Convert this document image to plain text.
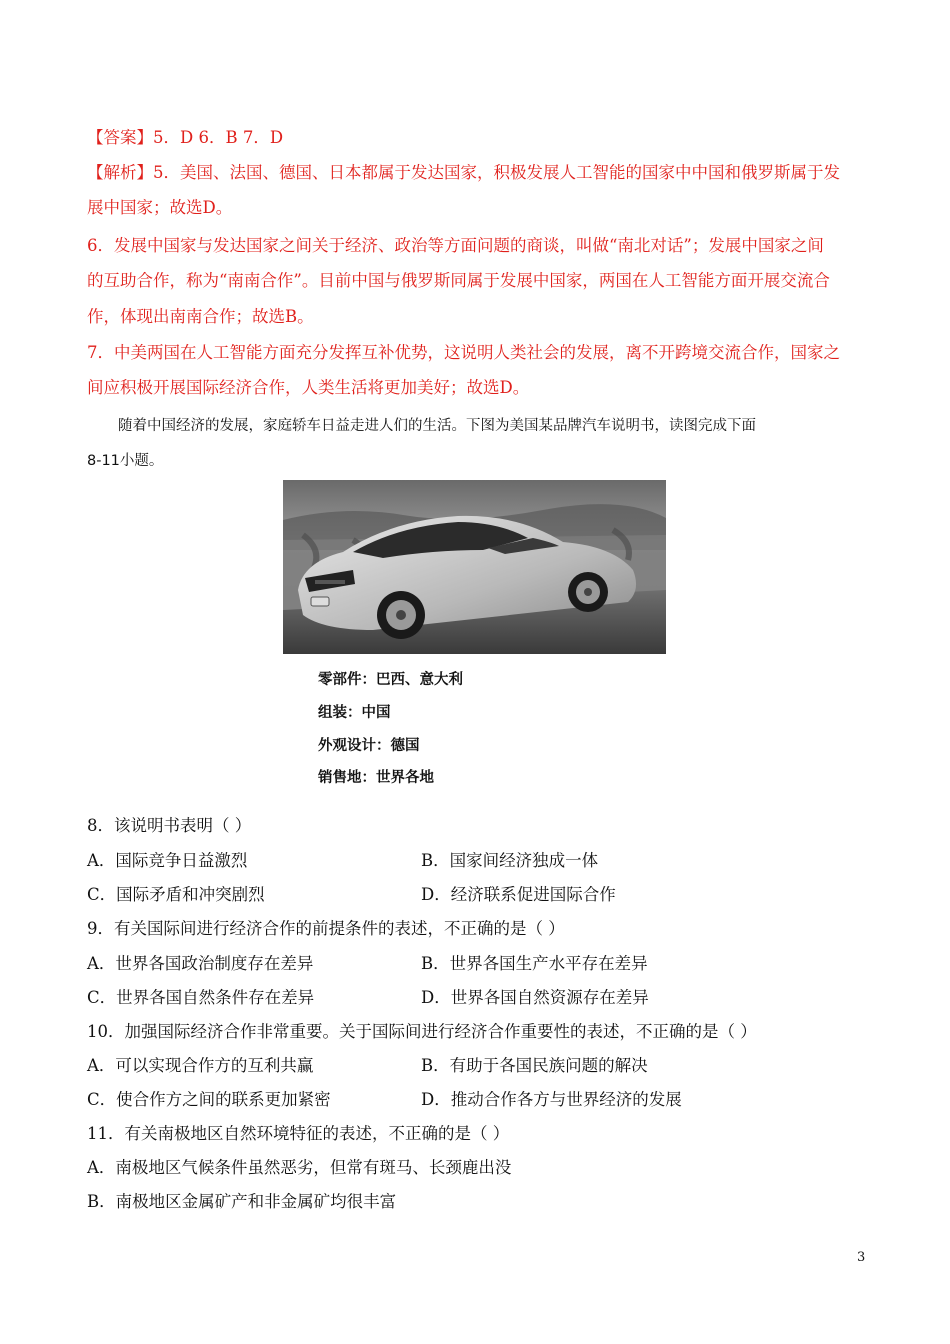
【答案】5．D 6．B 7．D
【解析】5．美国、法国、德国、日本都属于发达国家，积极发展人工智能的国家中中国和俄罗斯属于发
展中国家；故选D。
6．发展中国家与发达国家之间关于经济、政治等方面问题的商谈，叫做“南北对话”；发展中国家之间
的互助合作，称为“南南合作”。目前中国与俄罗斯同属于发展中国家，两国在人工智能方面开展交流合
作，体现出南南合作；故选B。
7．中美两国在人工智能方面充分发挥互补优势，这说明人类社会的发展，离不开跨境交流合作，国家之
间应积极开展国际经济合作，人类生活将更加美好；故选D。
随着中国经济的发展，家庭轿车日益走进人们的生活。下图为美国某品牌汽车说明书，读图完成下面
8-11小题。
零部件：巴西、意大利
组装：中国
外观设计：德国
销售地：世界各地
8．该说明书表明（ ）
A．国际竞争日益激烈	B．国家间经济独成一体
C．国际矛盾和冲突剧烈	D．经济联系促进国际合作
9．有关国际间进行经济合作的前提条件的表述，不正确的是（ ）
A．世界各国政治制度存在差异	B．世界各国生产水平存在差异
C．世界各国自然条件存在差异	D．世界各国自然资源存在差异
10．加强国际经济合作非常重要。关于国际间进行经济合作重要性的表述，不正确的是（ ）
A．可以实现合作方的互利共赢	B．有助于各国民族问题的解决
C．使合作方之间的联系更加紧密	D．推动合作各方与世界经济的发展
11．有关南极地区自然环境特征的表述，不正确的是（ ）
A．南极地区气候条件虽然恶劣，但常有斑马、长颈鹿出没
B．南极地区金属矿产和非金属矿均很丰富
3
